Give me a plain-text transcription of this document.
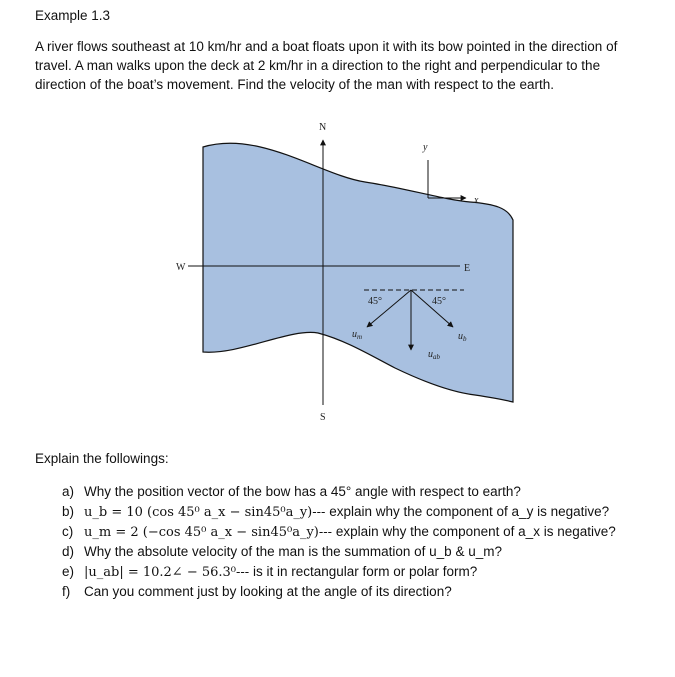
Example 1.3

A river flows southeast at 10 km/hr and a boat floats upon it with its bow pointed in the direction of

travel. A man walks upon the deck at 2 km/hr in a direction to the right and perpendicular to the

direction of the boat’s movement. Find the velocity of the man with respect to the earth.

N
S
W	E
y
x
45°	45°
$u_m$	$u_b$
$u_{ab}$
Explain the followings:
a) Why the position vector of the bow has a 45° angle with respect to earth?
b) u_b = 10 (cos 45⁰ a_x − sin45⁰a_y)--- explain why the component of a_y is negative?
c) u_m = 2 (−cos 45⁰ a_x − sin45⁰a_y)--- explain why the component of a_x is negative?
d) Why the absolute velocity of the man is the summation of u_b & u_m?
e) |u_ab| = 10.2∠ − 56.3⁰--- is it in rectangular form or polar form?
f) Can you comment just by looking at the angle of its direction?
